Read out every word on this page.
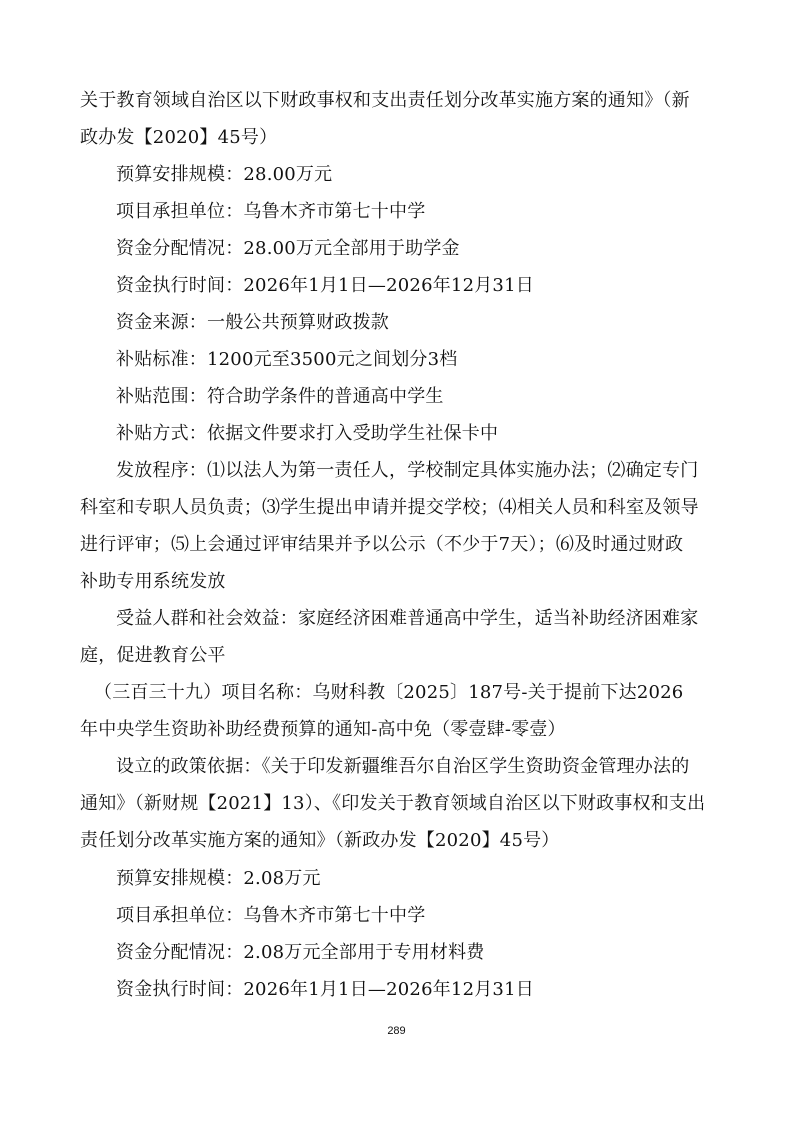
关于教育领域自治区以下财政事权和支出责任划分改革实施方案的通知》（新
政办发【2020】45号）
预算安排规模：28.00万元
项目承担单位：乌鲁木齐市第七十中学
资金分配情况：28.00万元全部用于助学金
资金执行时间：2026年1月1日—2026年12月31日
资金来源：一般公共预算财政拨款
补贴标准：1200元至3500元之间划分3档
补贴范围：符合助学条件的普通高中学生
补贴方式：依据文件要求打入受助学生社保卡中
发放程序：⑴以法人为第一责任人，学校制定具体实施办法；⑵确定专门
科室和专职人员负责；⑶学生提出申请并提交学校；⑷相关人员和科室及领导
进行评审；⑸上会通过评审结果并予以公示（不少于7天）；⑹及时通过财政
补助专用系统发放
受益人群和社会效益：家庭经济困难普通高中学生，适当补助经济困难家
庭，促进教育公平
（三百三十九）项目名称：乌财科教〔2025〕187号-关于提前下达2026
年中央学生资助补助经费预算的通知-高中免（零壹肆-零壹）
设立的政策依据：《关于印发新疆维吾尔自治区学生资助资金管理办法的
通知》（新财规【2021】13）、《印发关于教育领域自治区以下财政事权和支出
责任划分改革实施方案的通知》（新政办发【2020】45号）
预算安排规模：2.08万元
项目承担单位：乌鲁木齐市第七十中学
资金分配情况：2.08万元全部用于专用材料费
资金执行时间：2026年1月1日—2026年12月31日
289
